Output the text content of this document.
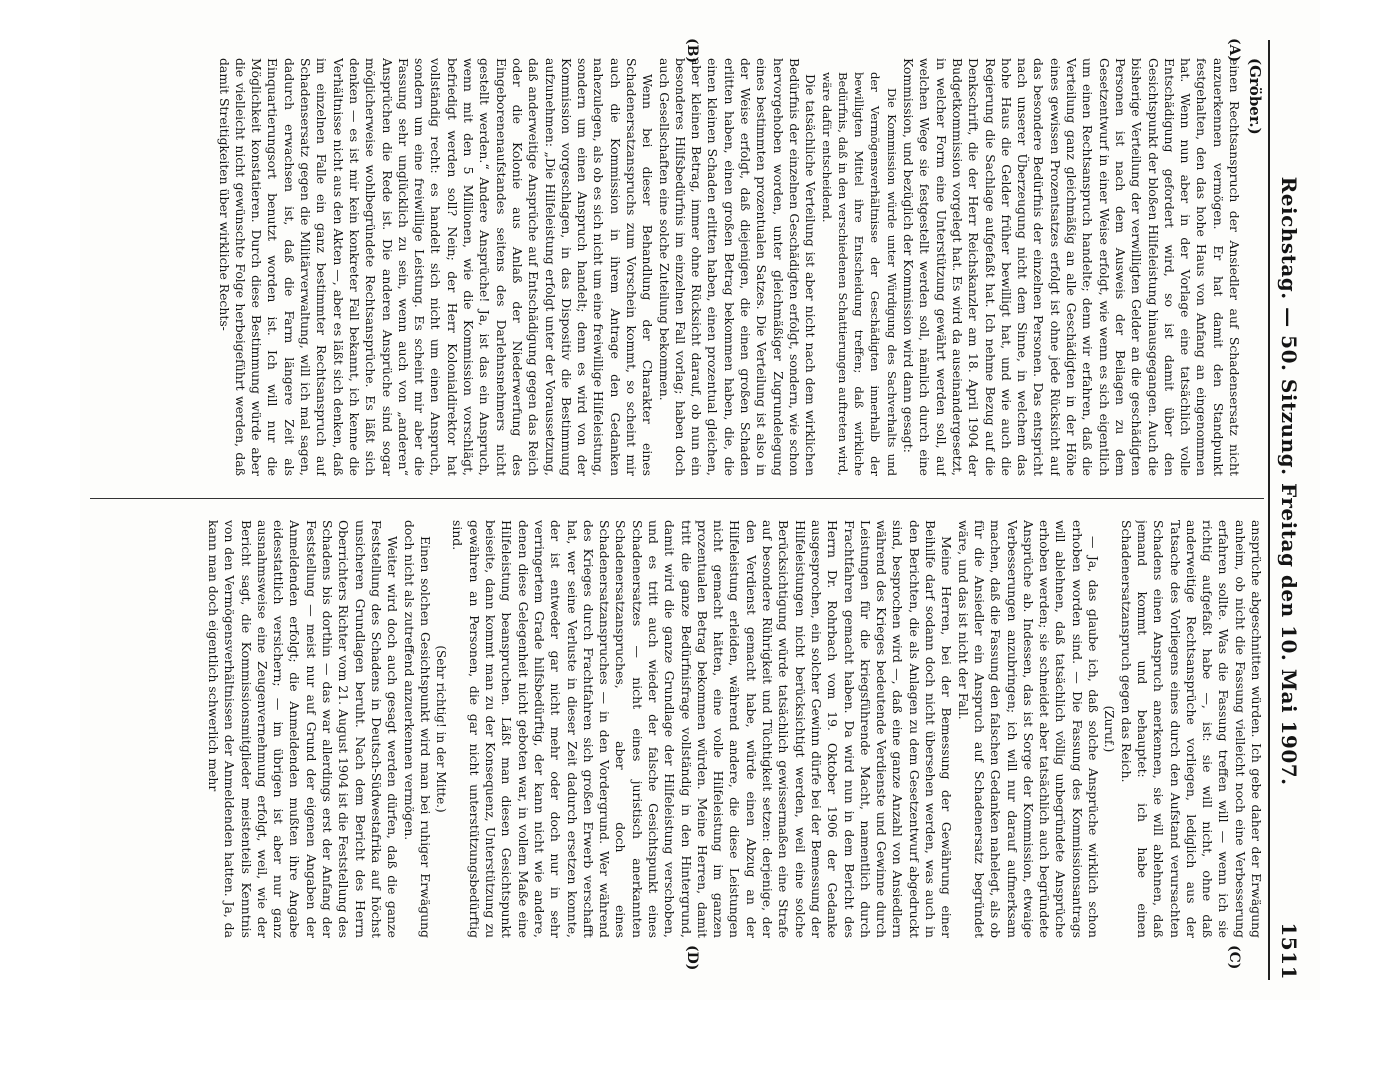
Reichstag. — 50. Sitzung. Freitag den 10. Mai 1907.
1511
(Gröber.)
(A)
(B)
(C)
(D)

einen Rechtsanspruch der Ansiedler auf Schadensersatz nicht anzuerkennen vermögen. Er hat damit den Standpunkt festgehalten, den das hohe Haus von Anfang an eingenommen hat. Wenn nun aber in der Vorlage eine tatsächlich volle Entschädigung gefordert wird, so ist damit über den Gesichtspunkt der bloßen Hilfeleistung hinausgegangen. Auch die bisherige Verteilung der verwilligten Gelder an die geschädigten Personen ist nach dem Ausweis der Beilagen zu dem Gesetzentwurf in einer Weise erfolgt, wie wenn es sich eigentlich um einen Rechtsanspruch handelte; denn wir erfahren, daß die Verteilung ganz gleichmäßig an alle Geschädigten in der Höhe eines gewissen Prozentsatzes erfolgt ist ohne jede Rücksicht auf das besondere Bedürfnis der einzelnen Personen. Das entspricht nach unserer Überzeugung nicht dem Sinne, in welchem das hohe Haus die Gelder früher bewilligt hat, und wie auch die Regierung die Sachlage aufgefaßt hat. Ich nehme Bezug auf die Denkschrift, die der Herr Reichskanzler am 18. April 1904 der Budgetkommission vorgelegt hat. Es wird da auseinandergesetzt, in welcher Form eine Unterstützung gewährt werden soll, auf welchen Wege sie festgestellt werden soll, nämlich durch eine Kommission, und bezüglich der Kommission wird dann gesagt:

Die Kommission würde unter Würdigung des Sachverhalts und der Vermögensverhältnisse der Geschädigten innerhalb der bewilligten Mittel ihre Entscheidung treffen; daß wirkliche Bedürfnis, daß in den verschiedenen Schattierungen auftreten wird, wäre dafür entscheidend.

Die tatsächliche Verteilung ist aber nicht nach dem wirklichen Bedürfnis der einzelnen Geschädigten erfolgt, sondern, wie schon hervorgehoben worden, unter gleichmäßiger Zugrundelegung eines bestimmten prozentualen Satzes. Die Verteilung ist also in der Weise erfolgt, daß diejenigen, die einen großen Schaden erlitten haben, einen großen Betrag bekommen haben, die, die einen kleinen Schaden erlitten haben, einen prozentual gleichen, aber kleinen Betrag, immer ohne Rücksicht darauf, ob nun ein besonderes Hilfsbedürfnis im einzelnen Fall vorlag; haben doch auch Gesellschaften eine solche Zuteilung bekommen.

Wenn bei dieser Behandlung der Charakter eines Schadenersatzanspruchs zum Vorschein kommt, so scheint mir auch die Kommission in ihrem Antrage den Gedanken nahezulegen, als ob es sich nicht um eine freiwillige Hilfeleistung, sondern um einen Anspruch handelt; denn es wird von der Kommission vorgeschlagen, in das Dispositiv die Bestimmung aufzunehmen: „Die Hilfeleistung erfolgt unter der Voraussetzung, daß anderweitige Ansprüche auf Entschädigung gegen das Reich oder die Kolonie aus Anlaß der Niederwerfung des Eingeborenenaufstandes seitens des Darlehnsnehmers nicht gestellt werden.“ Andere Ansprüche! Ja, ist das ein Anspruch, wenn mit den 5 Millionen, wie die Kommission vorschlägt, befriedigt werden soll? Nein; der Herr Kolonialdirektor hat vollständig recht: es handelt sich nicht um einen Anspruch, sondern um eine freiwillige Leistung. Es scheint mir aber die Fassung sehr unglücklich zu sein, wenn auch von „anderen“ Ansprüchen die Rede ist. Die anderen Ansprüche sind sogar möglicherweise wohlbegründete Rechtsansprüche. Es läßt sich denken — es ist mir kein konkreter Fall bekannt, ich kenne die Verhältnisse nicht aus den Akten —, aber es läßt sich denken, daß im einzelnen Falle ein ganz bestimmter Rechtsanspruch auf Schadensersatz gegen die Militärverwaltung, will ich mal sagen, dadurch erwachsen ist, daß die Farm längere Zeit als Einquartierungsort benutzt worden ist. Ich will nur die Möglichkeit konstatieren. Durch diese Bestimmung würde aber die vielleicht nicht gewünschte Folge herbeigeführt werden, daß damit Streitigkeiten über wirkliche Rechts-

ansprüche abgeschnitten würden. Ich gebe daher der Erwägung anheim, ob nicht die Fassung vielleicht noch eine Verbesserung erfahren sollte. Was die Fassung treffen will — wenn ich sie richtig aufgefaßt habe —, ist: sie will nicht, ohne daß anderweitige Rechtsansprüche vorliegen, lediglich aus der Tatsache des Vorliegens eines durch den Aufstand verursachten Schadens einen Anspruch anerkennen, sie will ablehnen, daß jemand kommt und behauptet: ich habe einen Schadenersatzanspruch gegen das Reich.

(Zuruf.)

— Ja, das glaube ich, daß solche Ansprüche wirklich schon erhoben worden sind. — Die Fassung des Kommissionsantrags will ablehnen, daß tatsächlich völlig unbegründete Ansprüche erhoben werden; sie schneidet aber tatsächlich auch begründete Ansprüche ab. Indessen, das ist Sorge der Kommission, etwaige Verbesserungen anzubringen; ich will nur darauf aufmerksam machen, daß die Fassung den falschen Gedanken nahelegt, als ob für die Ansiedler ein Anspruch auf Schadenersatz begründet wäre, und das ist nicht der Fall.

Meine Herren, bei der Bemessung der Gewährung einer Beihilfe darf sodann doch nicht übersehen werden, was auch in den Berichten, die als Anlagen zu dem Gesetzentwurf abgedruckt sind, besprochen wird —, daß eine ganze Anzahl von Ansiedlern während des Krieges bedeutende Verdienste und Gewinne durch Leistungen für die kriegsführende Macht, namentlich durch Frachtfahren gemacht haben. Da wird nun in dem Bericht des Herrn Dr. Rohrbach vom 19. Oktober 1906 der Gedanke ausgesprochen, ein solcher Gewinn dürfe bei der Bemessung der Hilfeleistungen nicht berücksichtigt werden, weil eine solche Berücksichtigung würde tatsächlich gewissermaßen eine Strafe auf besondere Rührigkeit und Tüchtigkeit setzen: derjenige, der den Verdienst gemacht habe, würde einen Abzug an der Hilfeleistung erleiden, während andere, die diese Leistungen nicht gemacht hätten, eine volle Hilfeleistung im ganzen prozentualen Betrag bekommen würden. Meine Herren, damit tritt die ganze Bedürfnisfrage vollständig in den Hintergrund, damit wird die ganze Grundlage der Hilfeleistung verschoben, und es tritt auch wieder der falsche Gesichtspunkt eines Schadenersatzes — nicht eines juristisch anerkannten Schadenersatzanspruches, aber doch eines Schadenersatzanspruches — in den Vordergrund. Wer während des Krieges durch Frachtfahren sich großen Erwerb verschafft hat, wer seine Verluste in dieser Zeit dadurch ersetzen konnte, der ist entweder gar nicht mehr oder doch nur in sehr verringertem Grade hilfsbedürftig, der kann nicht wie andere, denen diese Gelegenheit nicht geboten war, in vollem Maße eine Hilfeleistung beanspruchen. Läßt man diesen Gesichtspunkt beiseite, dann kommt man zu der Konsequenz, Unterstützung zu gewähren an Personen, die gar nicht unterstützungsbedürftig sind.

(Sehr richtig! in der Mitte.)

Einen solchen Gesichtspunkt wird man bei ruhiger Erwägung doch nicht als zutreffend anzuerkennen vermögen.

Weiter wird doch auch gesagt werden dürfen, daß die ganze Feststellung des Schadens in Deutsch-Südwestafrika auf höchst unsicheren Grundlagen beruht. Nach dem Bericht des Herrn Oberrichters Richter vom 21. August 1904 ist die Feststellung des Schadens bis dorthin — das war allerdings erst der Anfang der Feststellung — meist nur auf Grund der eigenen Angaben der Anmeldenden erfolgt; die Anmeldenden mußten ihre Angabe eidesstattlich versichern; — im übrigen ist aber nur ganz ausnahmsweise eine Zeugenvernehmung erfolgt, weil, wie der Bericht sagt, die Kommissionsmitglieder meistenteils Kenntnis von den Vermögensverhältnissen der Anmeldenden hatten. Ja, da kann man doch eigentlich schwerlich mehr
